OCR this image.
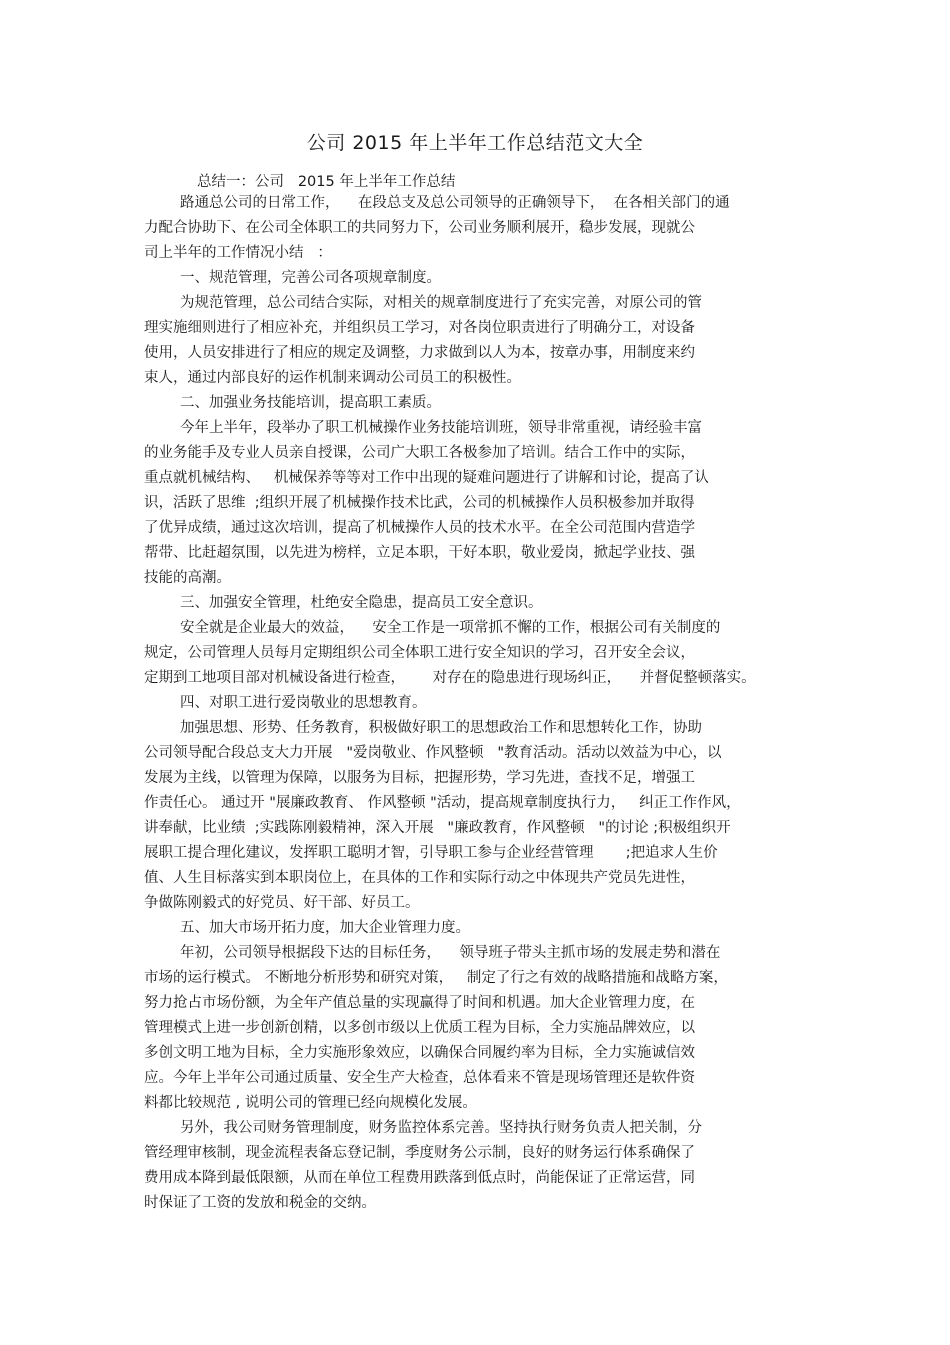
公司 2015 年上半年工作总结范文大全
总结一：公司   2015 年上半年工作总结
路通总公司的日常工作，    在段总支及总公司领导的正确领导下，  在各相关部门的通
力配合协助下、在公司全体职工的共同努力下，公司业务顺利展开，稳步发展，现就公
司上半年的工作情况小结   ：
一、规范管理，完善公司各项规章制度。
为规范管理，总公司结合实际，对相关的规章制度进行了充实完善，对原公司的管
理实施细则进行了相应补充，并组织员工学习，对各岗位职责进行了明确分工，对设备
使用，人员安排进行了相应的规定及调整，力求做到以人为本，按章办事，用制度来约
束人，通过内部良好的运作机制来调动公司员工的积极性。
二、加强业务技能培训，提高职工素质。
今年上半年，段举办了职工机械操作业务技能培训班，领导非常重视，请经验丰富
的业务能手及专业人员亲自授课，公司广大职工各极参加了培训。结合工作中的实际，
重点就机械结构、   机械保养等等对工作中出现的疑难问题进行了讲解和讨论，提高了认
识，活跃了思维  ;组织开展了机械操作技术比武，公司的机械操作人员积极参加并取得
了优异成绩，通过这次培训，提高了机械操作人员的技术水平。在全公司范围内营造学
帮带、比赶超氛围，以先进为榜样，立足本职，干好本职，敬业爱岗，掀起学业技、强
技能的高潮。
三、加强安全管理，杜绝安全隐患，提高员工安全意识。
安全就是企业最大的效益，    安全工作是一项常抓不懈的工作，根据公司有关制度的
规定，公司管理人员每月定期组织公司全体职工进行安全知识的学习，召开安全会议，
定期到工地项目部对机械设备进行检查，      对存在的隐患进行现场纠正，    并督促整顿落实。
四、对职工进行爱岗敬业的思想教育。
加强思想、形势、任务教育，积极做好职工的思想政治工作和思想转化工作，协助
公司领导配合段总支大力开展   "爱岗敬业、作风整顿   "教育活动。活动以效益为中心，以
发展为主线，以管理为保障，以服务为目标，把握形势，学习先进，查找不足，增强工
作责任心。 通过开 "展廉政教育、 作风整顿 "活动，提高规章制度执行力，   纠正工作作风，
讲奉献，比业绩  ;实践陈刚毅精神，深入开展   "廉政教育，作风整顿   "的讨论 ;积极组织开
展职工提合理化建议，发挥职工聪明才智，引导职工参与企业经营管理       ;把追求人生价
值、人生目标落实到本职岗位上，在具体的工作和实际行动之中体现共产党员先进性，
争做陈刚毅式的好党员、好干部、好员工。
五、加大市场开拓力度，加大企业管理力度。
年初，公司领导根据段下达的目标任务，    领导班子带头主抓市场的发展走势和潜在
市场的运行模式。 不断地分析形势和研究对策，   制定了行之有效的战略措施和战略方案，
努力抢占市场份额，为全年产值总量的实现赢得了时间和机遇。加大企业管理力度，在
管理模式上进一步创新创精，以多创市级以上优质工程为目标，全力实施品牌效应，以
多创文明工地为目标，全力实施形象效应，以确保合同履约率为目标，全力实施诚信效
应。今年上半年公司通过质量、安全生产大检查，总体看来不管是现场管理还是软件资
料都比较规范 , 说明公司的管理已经向规模化发展。
另外，我公司财务管理制度，财务监控体系完善。坚持执行财务负责人把关制，分
管经理审核制，现金流程表备忘登记制，季度财务公示制，良好的财务运行体系确保了
费用成本降到最低限额，从而在单位工程费用跌落到低点时，尚能保证了正常运营，同
时保证了工资的发放和税金的交纳。
